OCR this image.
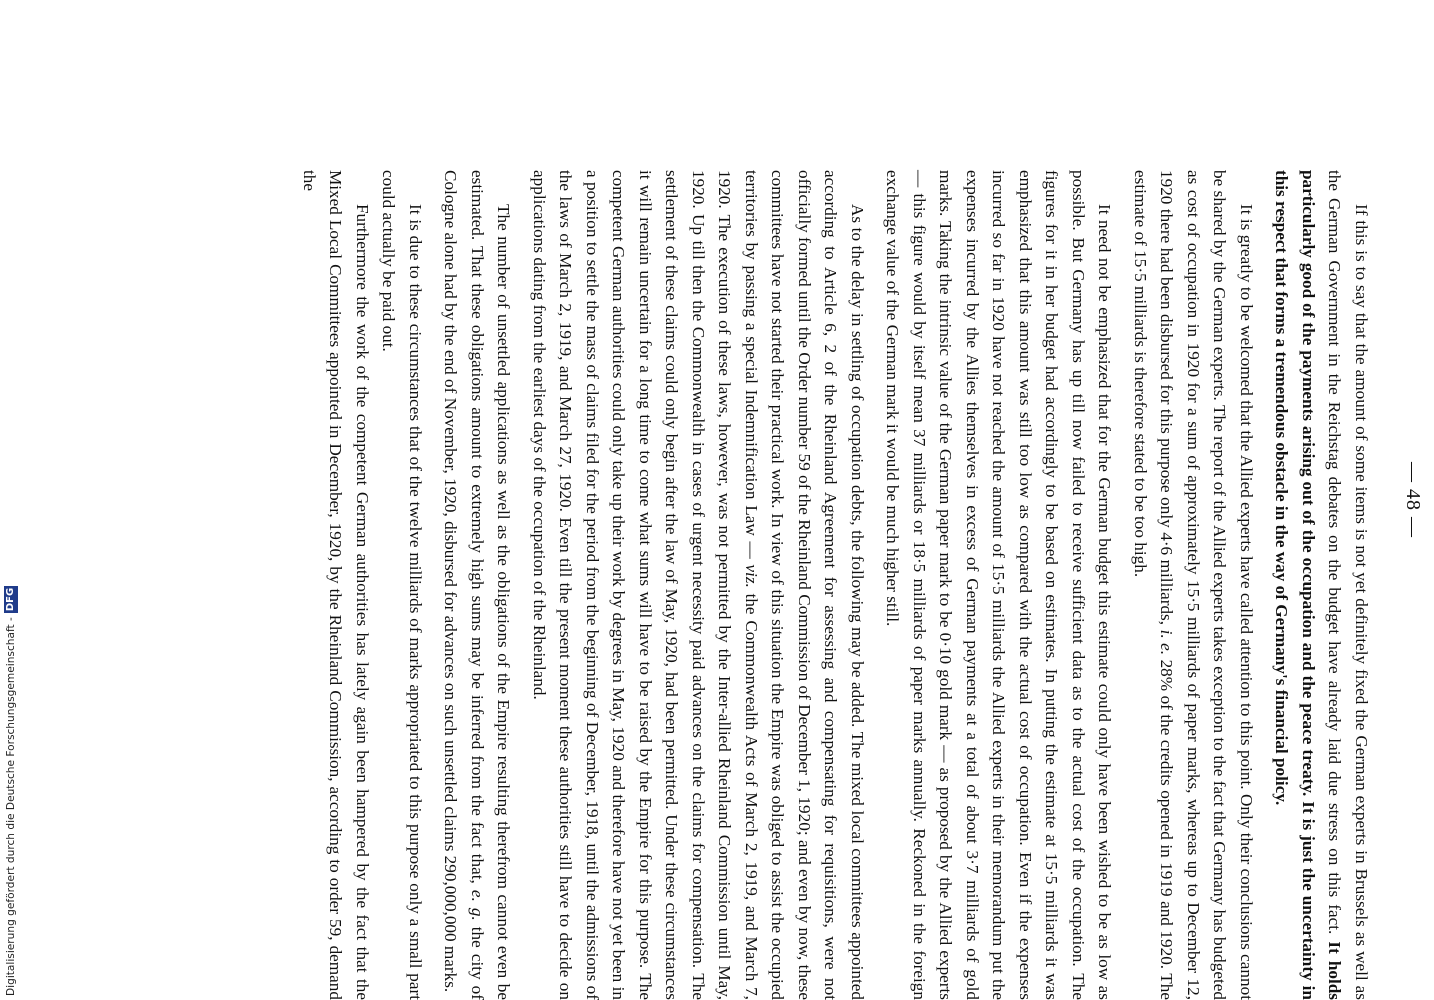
— 48 —

If this is to say that the amount of some items is not yet definitely fixed the German experts in Brussels as well as the German Government in the Reichstag debates on the budget have already laid due stress on this fact. It holds particularly good of the payments arising out of the occupation and the peace treaty. It is just the uncertainty in this respect that forms a tremendous obstacle in the way of Germany's financial policy.

It is greatly to be welcomed that the Allied experts have called attention to this point. Only their conclusions cannot be shared by the German experts. The report of the Allied experts takes exception to the fact that Germany has budgeted as cost of occupation in 1920 for a sum of approximately 15·5 milliards of paper marks, whereas up to December 12, 1920 there had been disbursed for this purpose only 4·6 milliards, i. e. 28% of the credits opened in 1919 and 1920. The estimate of 15·5 milliards is therefore stated to be too high.

It need not be emphasized that for the German budget this estimate could only have been wished to be as low as possible. But Germany has up till now failed to receive sufficient data as to the actual cost of the occupation. The figures for it in her budget had accordingly to be based on estimates. In putting the estimate at 15·5 milliards it was emphasized that this amount was still too low as compared with the actual cost of occupation. Even if the expenses incurred so far in 1920 have not reached the amount of 15·5 milliards the Allied experts in their memorandum put the expenses incurred by the Allies themselves in excess of German payments at a total of about 3·7 milliards of gold marks. Taking the intrinsic value of the German paper mark to be 0·10 gold mark — as proposed by the Allied experts — this figure would by itself mean 37 milliards or 18·5 milliards of paper marks annually. Reckoned in the foreign exchange value of the German mark it would be much higher still.

As to the delay in settling of occupation debts, the following may be added. The mixed local committees appointed according to Article 6, 2 of the Rheinland Agreement for assessing and compensating for requisitions, were not officially formed until the Order number 59 of the Rheinland Commission of December 1, 1920; and even by now, these committees have not started their practical work. In view of this situation the Empire was obliged to assist the occupied territories by passing a special Indemnification Law — viz. the Commonwealth Acts of March 2, 1919, and March 7, 1920. The execution of these laws, however, was not permitted by the Inter-allied Rheinland Commission until May, 1920. Up till then the Commonwealth in cases of urgent necessity paid advances on the claims for compensation. The settlement of these claims could only begin after the law of May, 1920, had been permitted. Under these circumstances it will remain uncertain for a long time to come what sums will have to be raised by the Empire for this purpose. The competent German authorities could only take up their work by degrees in May, 1920 and therefore have not yet been in a position to settle the mass of claims filed for the period from the beginning of December, 1918, until the admissions of the laws of March 2, 1919, and March 27, 1920. Even till the present moment these authorities still have to decide on applications dating from the earliest days of the occupation of the Rheinland.

The number of unsettled applications as well as the obligations of the Empire resulting therefrom cannot even be estimated. That these obligations amount to extremely high sums may be inferred from the fact that, e. g. the city of Cologne alone had by the end of November, 1920, disbursed for advances on such unsettled claims 290,000,000 marks.

It is due to these circumstances that of the twelve milliards of marks appropriated to this purpose only a small part could actually be paid out.

Furthermore the work of the competent German authorities has lately again been hampered by the fact that the Mixed Local Committees appointed in December, 1920, by the Rheinland Commission, according to order 59, demand the

Digitalisierung gefördert durch die Deutsche Forschungsgemeinschaft -
DFG
